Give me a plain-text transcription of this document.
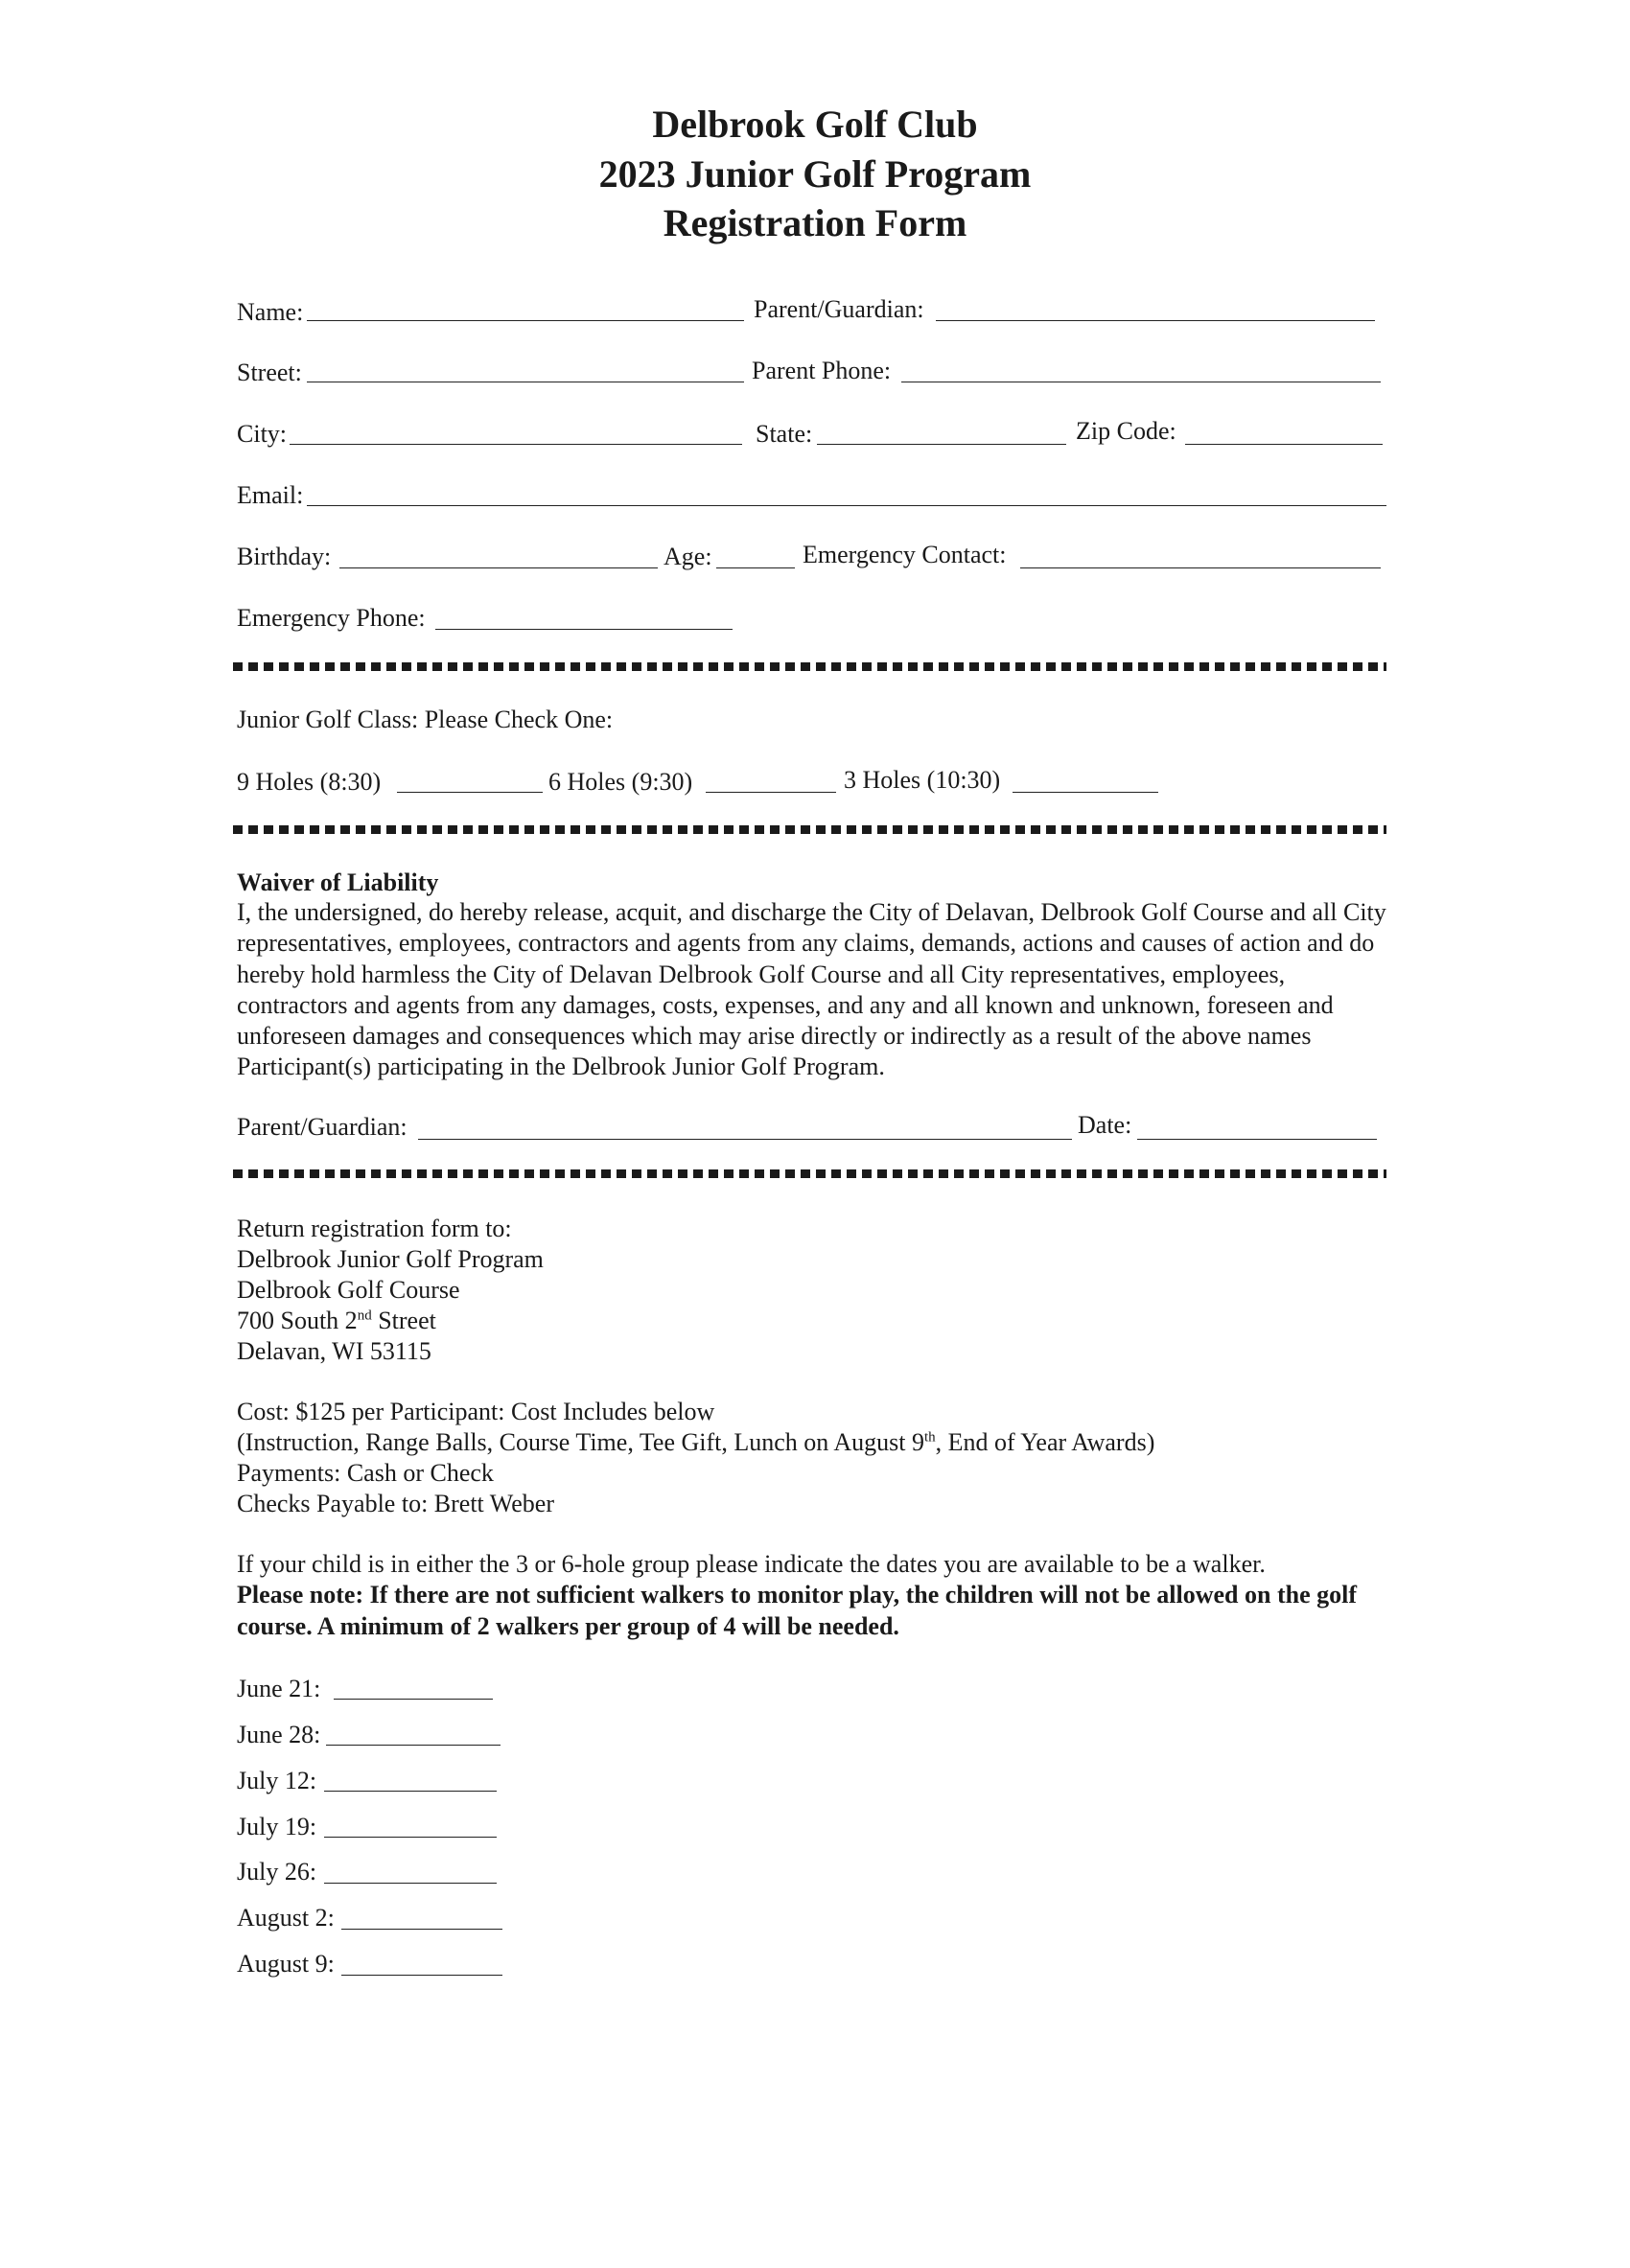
Delbrook Golf Club
2023 Junior Golf Program
Registration Form
Name:	Parent/Guardian:
Street:	Parent Phone:
City:	State:	Zip Code:
Email:
Birthday:	Age:	Emergency Contact:
Emergency Phone:
Junior Golf Class: Please Check One:
9 Holes (8:30)	6 Holes (9:30)	3 Holes (10:30)
Waiver of Liability

I, the undersigned, do hereby release, acquit, and discharge the City of Delavan, Delbrook Golf Course and all City representatives, employees, contractors and agents from any claims, demands, actions and causes of action and do hereby hold harmless the City of Delavan Delbrook Golf Course and all City representatives, employees, contractors and agents from any damages, costs, expenses, and any and all known and unknown, foreseen and unforeseen damages and consequences which may arise directly or indirectly as a result of the above names Participant(s) participating in the Delbrook Junior Golf Program.

Parent/Guardian:	Date:
Return registration form to:
Delbrook Junior Golf Program
Delbrook Golf Course
700 South 2nd Street
Delavan, WI 53115
Cost: $125 per Participant: Cost Includes below
(Instruction, Range Balls, Course Time, Tee Gift, Lunch on August 9th, End of Year Awards)
Payments: Cash or Check
Checks Payable to: Brett Weber

If your child is in either the 3 or 6-hole group please indicate the dates you are available to be a walker.

Please note: If there are not sufficient walkers to monitor play, the children will not be allowed on the golf course. A minimum of 2 walkers per group of 4 will be needed.

June 21:
June 28:
July 12:
July 19:
July 26:
August 2:
August 9:
